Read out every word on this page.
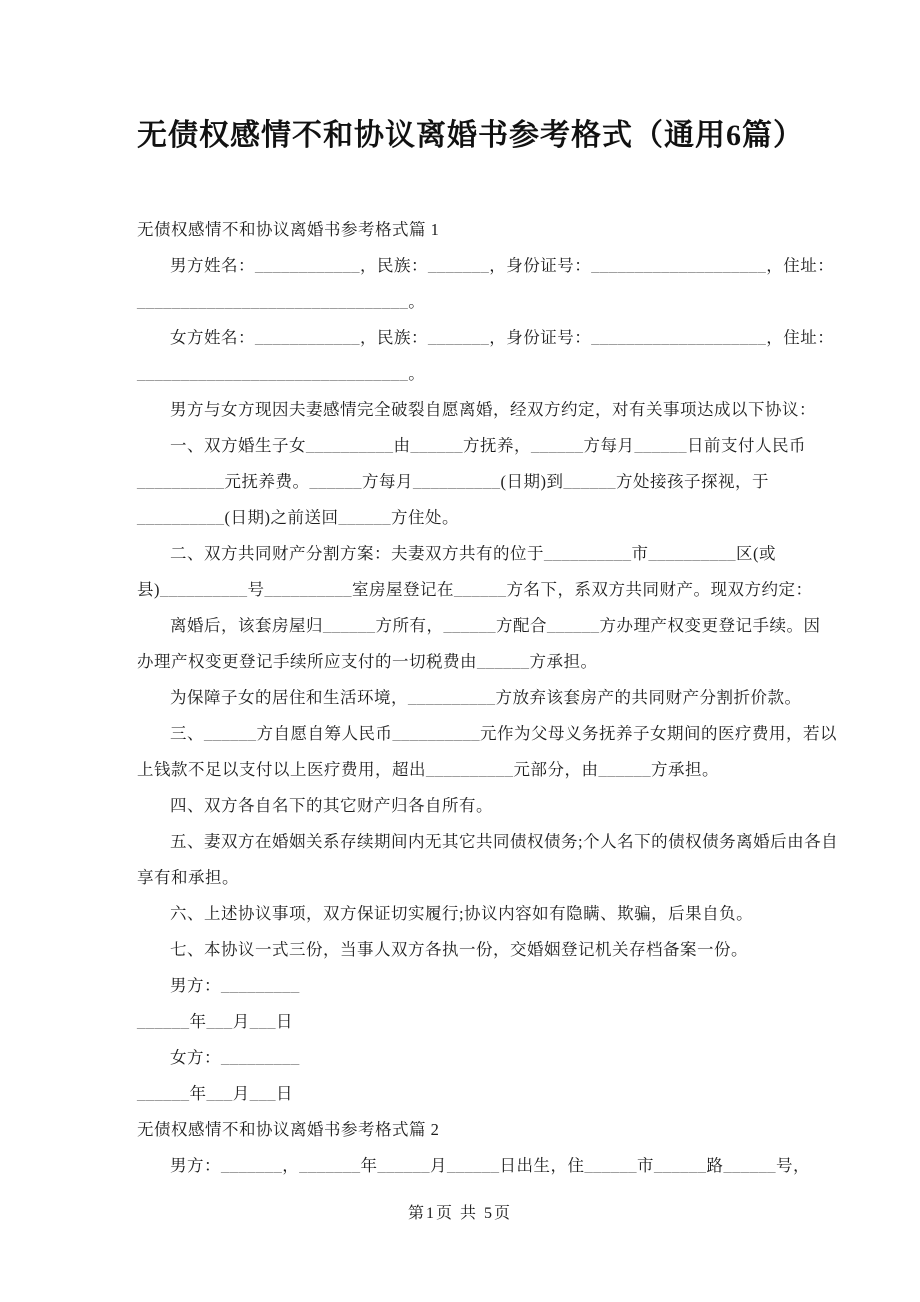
无债权感情不和协议离婚书参考格式（通用6篇）
无债权感情不和协议离婚书参考格式篇 1
男方姓名：____________，民族：_______，身份证号：____________________，住址：
_______________________________。
女方姓名：____________，民族：_______，身份证号：____________________，住址：
_______________________________。
男方与女方现因夫妻感情完全破裂自愿离婚，经双方约定，对有关事项达成以下协议：
一、双方婚生子女__________由______方抚养，______方每月______日前支付人民币
__________元抚养费。______方每月__________(日期)到______方处接孩子探视，于
__________(日期)之前送回______方住处。
二、双方共同财产分割方案：夫妻双方共有的位于__________市__________区(或
县)__________号__________室房屋登记在______方名下，系双方共同财产。现双方约定：
离婚后，该套房屋归______方所有，______方配合______方办理产权变更登记手续。因
办理产权变更登记手续所应支付的一切税费由______方承担。
为保障子女的居住和生活环境，__________方放弃该套房产的共同财产分割折价款。
三、______方自愿自筹人民币__________元作为父母义务抚养子女期间的医疗费用，若以
上钱款不足以支付以上医疗费用，超出__________元部分，由______方承担。
四、双方各自名下的其它财产归各自所有。
五、妻双方在婚姻关系存续期间内无其它共同债权债务;个人名下的债权债务离婚后由各自
享有和承担。
六、上述协议事项，双方保证切实履行;协议内容如有隐瞒、欺骗，后果自负。
七、本协议一式三份，当事人双方各执一份，交婚姻登记机关存档备案一份。
男方：_________
______年___月___日
女方：_________
______年___月___日
无债权感情不和协议离婚书参考格式篇 2
男方：_______，_______年______月______日出生，住______市______路______号，
第1页 共 5页
